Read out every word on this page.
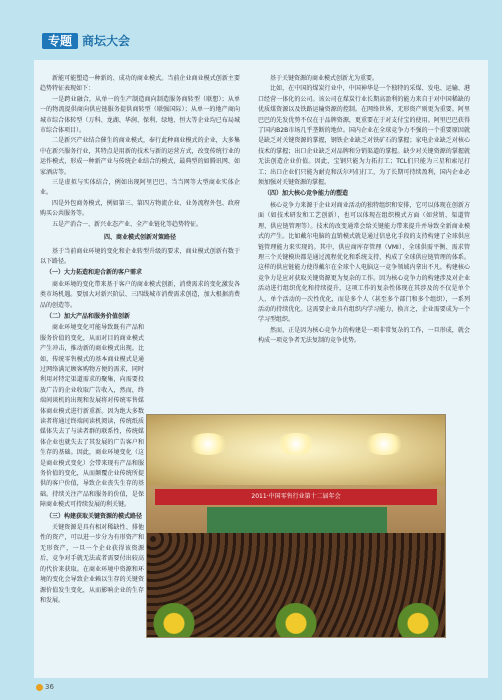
专题 商坛大会

新能可能塑造一种新的、成功的商业模式。当前企业商业模式创新主要趋势特征表现如下：

一是跨业融合，从单一的生产制造商向制造服务商转型（联想）；从单一的物流提供商向供应链服务提供商转型（联强国际）；从单一的地产商向城市综合体转型（万科、龙湖、华润、保利、绿地、恒大等企业均已布局城市综合体项目）。

二是新兴产业结合催生的商业模式，奉行此种商业模式的企业，大多集中在新兴服务行业，其特点是用新的技术与新的运营方式，改变传统行业的运作模式，形成一种新产业与传统企业结合的模式，最典型的如腾讯网、如家酒店等。

三是虚拟与实体结合，例如出现阿里巴巴、当当网等大型商业实体企业。

四是外包商务模式，例如第三、第四方物流企业、业务流程外包、政府购买公共服务等。

五是产消合一、新兴业态产业、全产业链化等趋势特征。

四、商业模式创新对策路径

基于当前商业环境的变化和企业转型升级的要求，商业模式创新有数于以下路径。

（一）大力拓造和迎合新的客户需求

商业环境的变化带来基于客户的商业模式创新，消费需求的变化激发各类市场机遇。要加大对新兴阶层、三四线城市消费需求创造，加大根据消费品的创造等。

（二）加大产品和服务价值创新

商业环境变化可能导致既有产品和服务价值的变化，从而对目的商业模式产生冲击，推动新的商业模式出现。比如，传统零售模式的基本商业模式是通过网络满足顾客购物方便的需求，同时利用对特定渠道需求的聚集，向需要投放广告的企业收取广告收入，然而，终端间谈机的出现和发展将对传统零售媒体商业模式进行新重新。因为绝大多数读者将通过终端间读机阅读，传统纸质媒体失去了与读者群的联系性，传统媒体企业也就失去了其发展的广告客户和生存的基础。因此，商业环境变化（这是商业模式变化）会带来现有产品和服务价值的变化，从而颠覆企业传统所提供的客户价值，导致企业丧失生存的基础。持续关注产品和服务的价值，是保障商业模式可持续发展的利关键。

（三）构建获取关键资源的模式路径

关键资源是具有相对稀缺性、排他性的资产，可以进一步分为有形资产和无形资产，一旦一个企业获得该资源后，竞争对手就无法或者需要付出较高的代价来获取。在商业环境中资源和环境的变化会导致企业赖以生存的关键资源价值发生变化，从而影响企业的生存和发展。

基于关键资源的商业模式创新尤为重要。

比如，在中国的煤炭行业中，中国神华是一个独特的采煤、发电、运输、港口经营一体化的公司。该公司在煤炭行业长期高盈利的能力来自于对中国稀缺的优质煤资源以及铁路运输资源的控制。在网络世界，无形资产则更为重要。阿里巴巴的先发优势不仅在于品牌资源，更重要在于对支付宝的使用。阿里巴巴获得了国内B2B市场几乎垄断的地位。国内企业在全球竞争力不强的一个重要原因就是缺乏对关键资源的掌握，钢铁企业缺乏对铁矿石的掌握；家电企业缺乏对核心技术的掌握；出口企业缺乏对品牌和分销渠道的掌握。缺少对关键资源的掌握就无法创造企业价值。因此，宝钢只能为力拓打工；TCL们只能为三星和索尼打工；出口企业们只能为耐克和沃尔玛们打工，为了长期可持续盈利，国内企业必须加强对关键资源的掌握。

（四）加大核心竞争能力的塑造

核心竞争力来源于企业对商业活动的独特组织和安排，它可以体现在创新方面（如技术研发和工艺创新），也可以体现在组织模式方面（如营销、渠道管理、供应链管理等）。技术的改变通常会给关键能力带来提升并导致全新商业模式的产生。比如戴尔电脑的直销模式就是通过信息化手段的支持构建了全球供应链管理能力来实现的。其中，供应商库存管理（VMI），全球供需平衡、需求管理三个关键模块都是通过流程优化和系统支持，构成了全球供应链管理的体系。这样的供应链能力使得戴尔在全球个人电脑这一竞争领域内拿出不凡。构建核心竞争力是应对获取关键资源更为复杂的工作。因为核心竞争力的构建涉及对企业活动进行组织优化和持续提升，这项工作的复杂性体现在其涉及的不仅是单个人、单个活动的一次性优化，而是多个人（甚至多个部门和多个组织），一系列活动的持续优化。这需要企业具有组织内学习能力，换言之，企业需要成为一个学习型组织。

然而，正是因为核心竞争力的构建是一项非常复杂的工作，一旦形成，就会构成一项竞争者无法复制的竞争优势。

2011·中国零售行业第十二届年会
36
